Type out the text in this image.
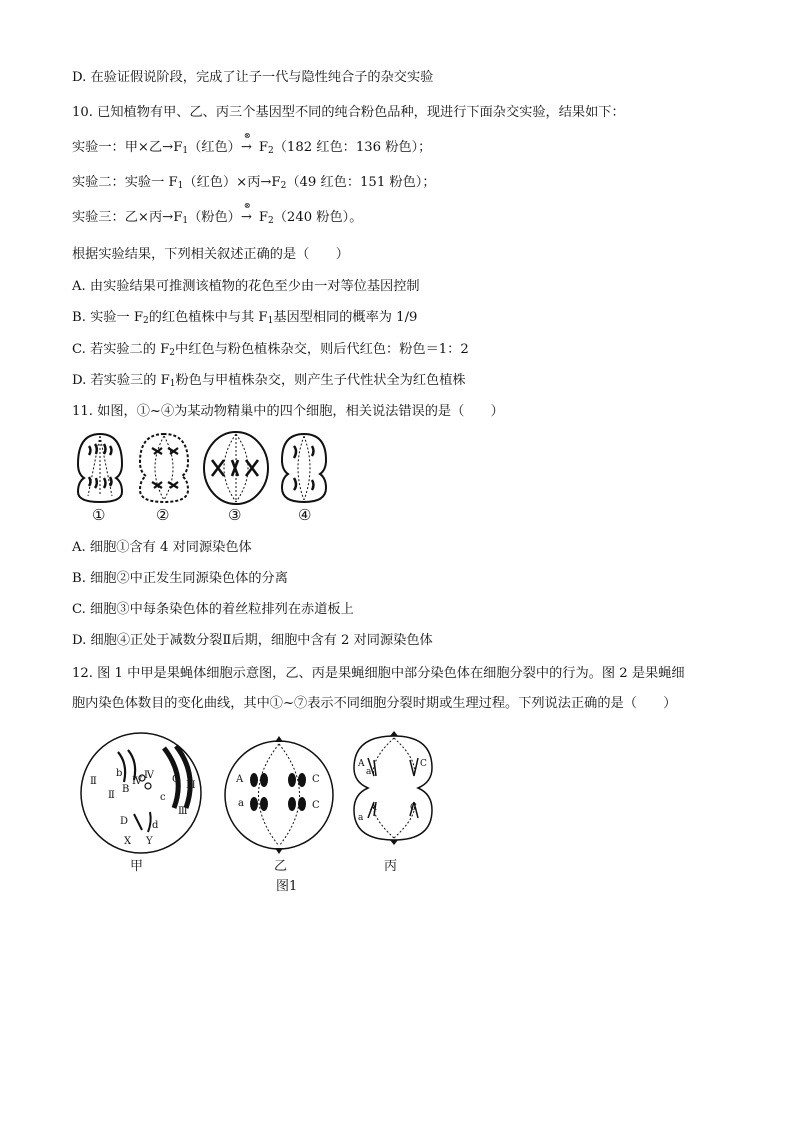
D. 在验证假说阶段，完成了让子一代与隐性纯合子的杂交实验
10. 已知植物有甲、乙、丙三个基因型不同的纯合粉色品种，现进行下面杂交实验，结果如下：
实验一：甲×乙$\to F_1$（红色）
⊗
→ $F_2(182$ 红色：136 粉色）；
实验二：实验一 $F_1$（红色）×丙$\to F_2(49$ 红色：151 粉色）；
实验三：乙×丙$\to F_1$（粉色）
⊗
→ $F_2(240$ 粉色）。
根据实验结果，下列相关叙述正确的是（　　）
A. 由实验结果可推测该植物的花色至少由一对等位基因控制
B. 实验一 $F_2$的红色植株中与其 $F_1$基因型相同的概率为 1/9
C. 若实验二的 $F_2$中红色与粉色植株杂交，则后代红色：粉色＝1：2
D. 若实验三的 $F_1$粉色与甲植株杂交，则产生子代性状全为红色植株
11. 如图，①~④为某动物精巢中的四个细胞，相关说法错误的是（　　）
①	②	③	④
A. 细胞①含有 4 对同源染色体
B. 细胞②中正发生同源染色体的分离
C. 细胞③中每条染色体的着丝粒排列在赤道板上
D. 细胞④正处于减数分裂Ⅱ后期，细胞中含有 2 对同源染色体
12. 图 1 中甲是果蝇体细胞示意图，乙、丙是果蝇细胞中部分染色体在细胞分裂中的行为。图 2 是果蝇细
胞内染色体数目的变化曲线，其中①~⑦表示不同细胞分裂时期或生理过程。下列说法正确的是（　　）
Ⅱ
Ⅱ
b
B
Ⅳ
Ⅳ C
c
Ⅲ
Ⅲ
D d
X Y
A	C
a	C
A
a
C
A
a
C
甲	乙	丙
图1
